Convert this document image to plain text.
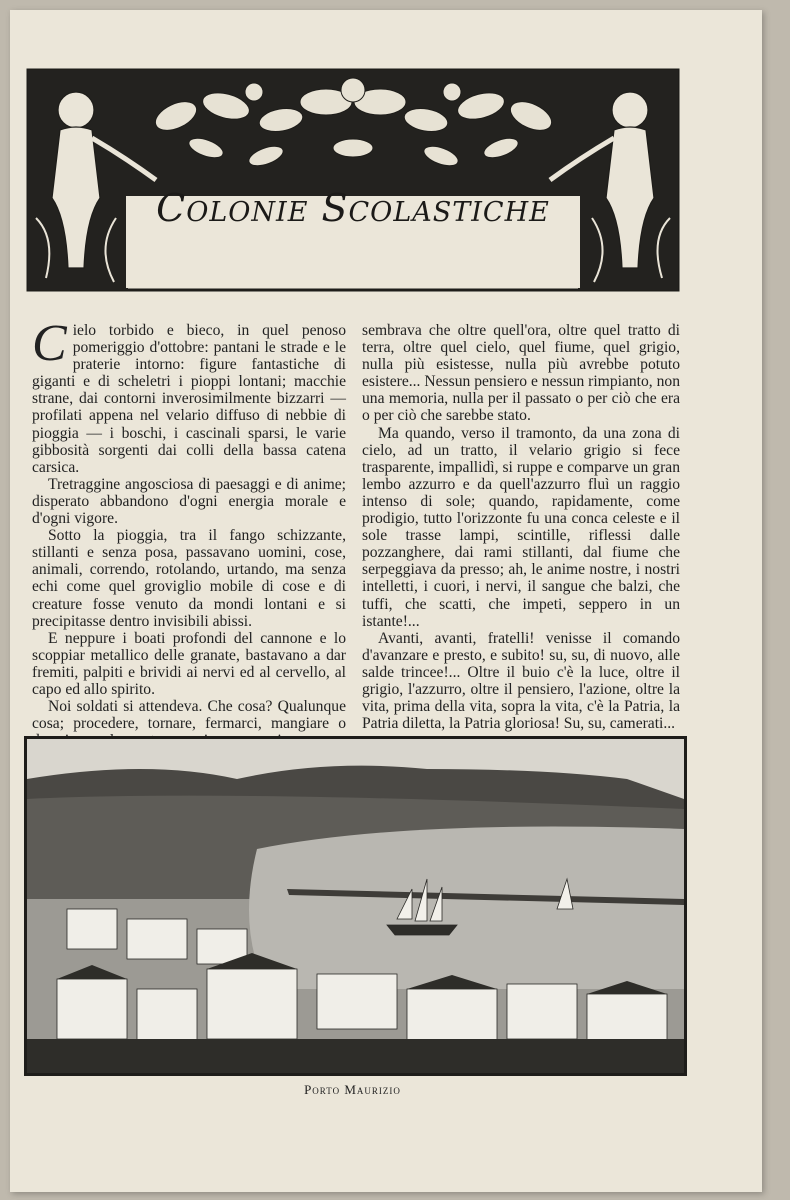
Colonie Scolastiche

Cielo torbido e bieco, in quel penoso pomeriggio d'ottobre: pantani le strade e le praterie intorno: figure fantastiche di giganti e di scheletri i pioppi lontani; macchie strane, dai contorni inverosimilmente bizzarri — profilati appena nel velario diffuso di nebbie di pioggia — i boschi, i cascinali sparsi, le varie gibbosità sorgenti dai colli della bassa catena carsica.

Tretraggine angosciosa di paesaggi e di anime; disperato abbandono d'ogni energia morale e d'ogni vigore.

Sotto la pioggia, tra il fango schizzante, stillanti e senza posa, passavano uomini, cose, animali, correndo, rotolando, urtando, ma senza echi come quel groviglio mobile di cose e di creature fosse venuto da mondi lontani e si precipitasse dentro invisibili abissi.

E neppure i boati profondi del cannone e lo scoppiar metallico delle granate, bastavano a dar fremiti, palpiti e brividi ai nervi ed al cervello, al capo ed allo spirito.

Noi soldati si attendeva. Che cosa? Qualunque cosa; procedere, tornare, fermarci, mangiare o

sembrava che oltre quell'ora, oltre quel tratto di terra, oltre quel cielo, quel fiume, quel grigio, nulla più esistesse, nulla più avrebbe potuto esistere... Nessun pensiero e nessun rimpianto, non una memoria, nulla per il passato o per ciò che era o per ciò che sarebbe stato.

Ma quando, verso il tramonto, da una zona di cielo, ad un tratto, il velario grigio si fece trasparente, impallidì, si ruppe e comparve un gran lembo azzurro e da quell'azzurro fluì un raggio intenso di sole; quando, rapidamente, come prodigio, tutto l'orizzonte fu una conca celeste e il sole trasse lampi, scintille, riflessi dalle pozzanghere, dai rami stillanti, dal fiume che serpeggiava da presso; ah, le anime nostre, i nostri intelletti, i cuori, i nervi, il sangue che balzi, che tuffi, che scatti, che impeti, seppero in un istante!...

Avanti, avanti, fratelli! venisse il comando d'avanzare e presto, e subito! su, su, di nuovo, alle salde trincee!... Oltre il buio c'è la luce, oltre il grigio, l'azzurro, oltre il pensiero, l'azione, oltre la vita, prima della vita, sopra la vita, c'è la Patria, la Patria diletta, la Patria gloriosa! Su, su, camerati...

Porto Maurizio
